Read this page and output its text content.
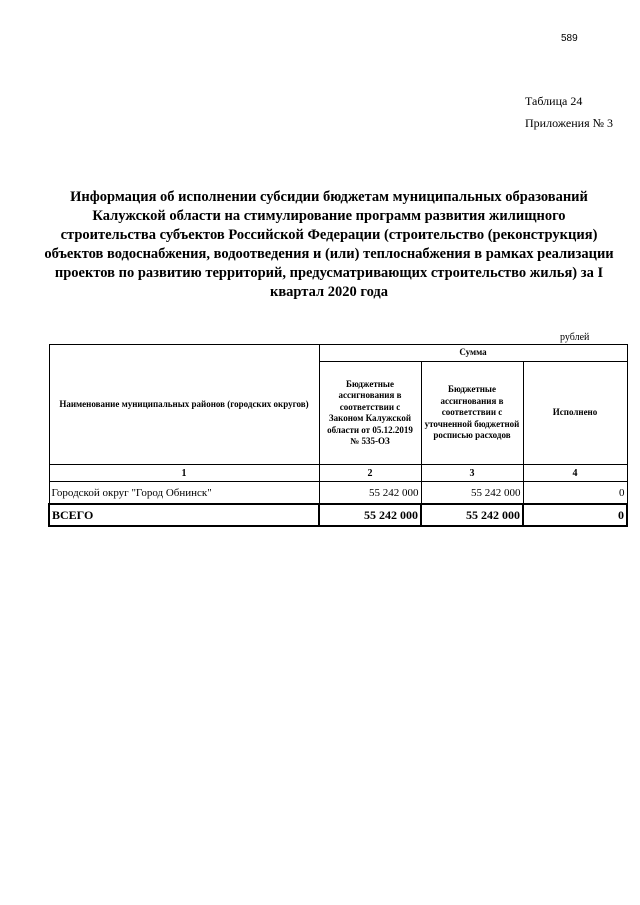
589
Таблица 24
Приложения № 3
Информация об исполнении субсидии бюджетам муниципальных образований Калужской области на стимулирование программ развития жилищного строительства субъектов Российской Федерации (строительство (реконструкция) объектов водоснабжения, водоотведения и (или) теплоснабжения в рамках реализации проектов по развитию территорий, предусматривающих строительство жилья) за I квартал 2020 года
рублей
Наименование муниципальных районов (городских округов)	Сумма		
	Бюджетные ассигнования в соответствии с Законом Калужской области от 05.12.2019 № 535-ОЗ	Бюджетные ассигнования в соответствии с уточненной бюджетной росписью расходов	Исполнено
1	2	3	4
Городской округ "Город Обнинск"	55 242 000	55 242 000	0
ВСЕГО	55 242 000	55 242 000	0
